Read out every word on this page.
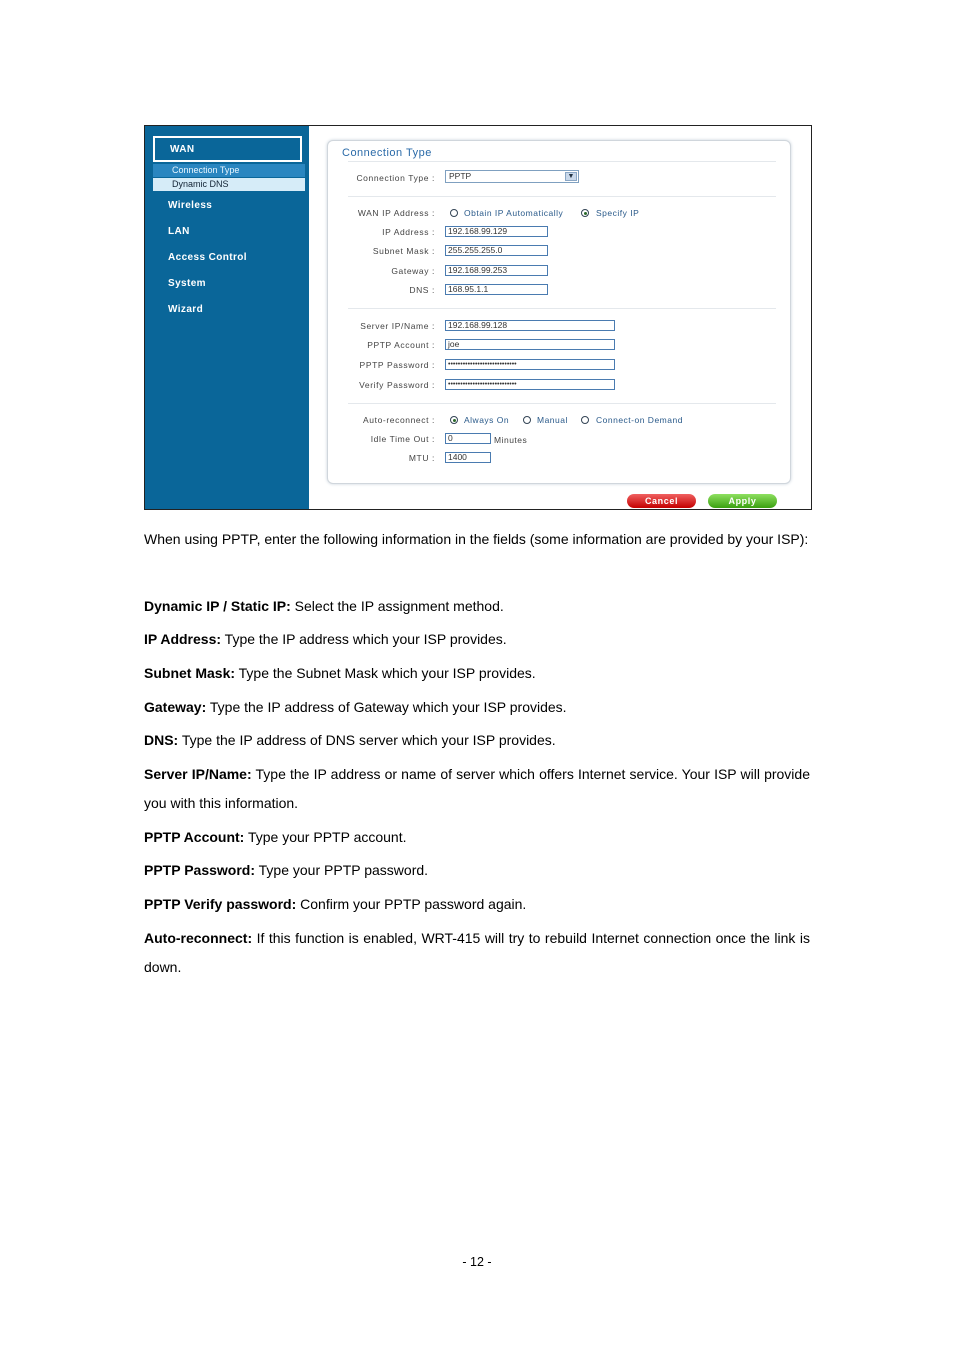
WAN
Connection Type
Dynamic DNS
Wireless
LAN
Access Control
System
Wizard
Connection Type
Connection Type :	PPTP	▼
WAN IP Address :	Obtain IP Automatically	Specify IP
IP Address :	192.168.99.129
Subnet Mask :	255.255.255.0
Gateway :	192.168.99.253
DNS :	168.95.1.1
Server IP/Name :	192.168.99.128
PPTP Account :	joe
PPTP Password :	••••••••••••••••••••••••••••
Verify Password :	••••••••••••••••••••••••••••
Auto-reconnect :	Always On	Manual	Connect-on Demand
Idle Time Out :	0	Minutes
MTU :	1400
Cancel	Apply
When using PPTP, enter the following information in the fields (some information are provided by your ISP):
Dynamic IP / Static IP: Select the IP assignment method.
IP Address: Type the IP address which your ISP provides.
Subnet Mask: Type the Subnet Mask which your ISP provides.
Gateway: Type the IP address of Gateway which your ISP provides.
DNS: Type the IP address of DNS server which your ISP provides.
Server IP/Name: Type the IP address or name of server which offers Internet service. Your ISP will provide you with this information.
PPTP Account: Type your PPTP account.
PPTP Password: Type your PPTP password.
PPTP Verify password: Confirm your PPTP password again.
Auto-reconnect: If this function is enabled, WRT-415 will try to rebuild Internet connection once the link is down.
- 12 -
